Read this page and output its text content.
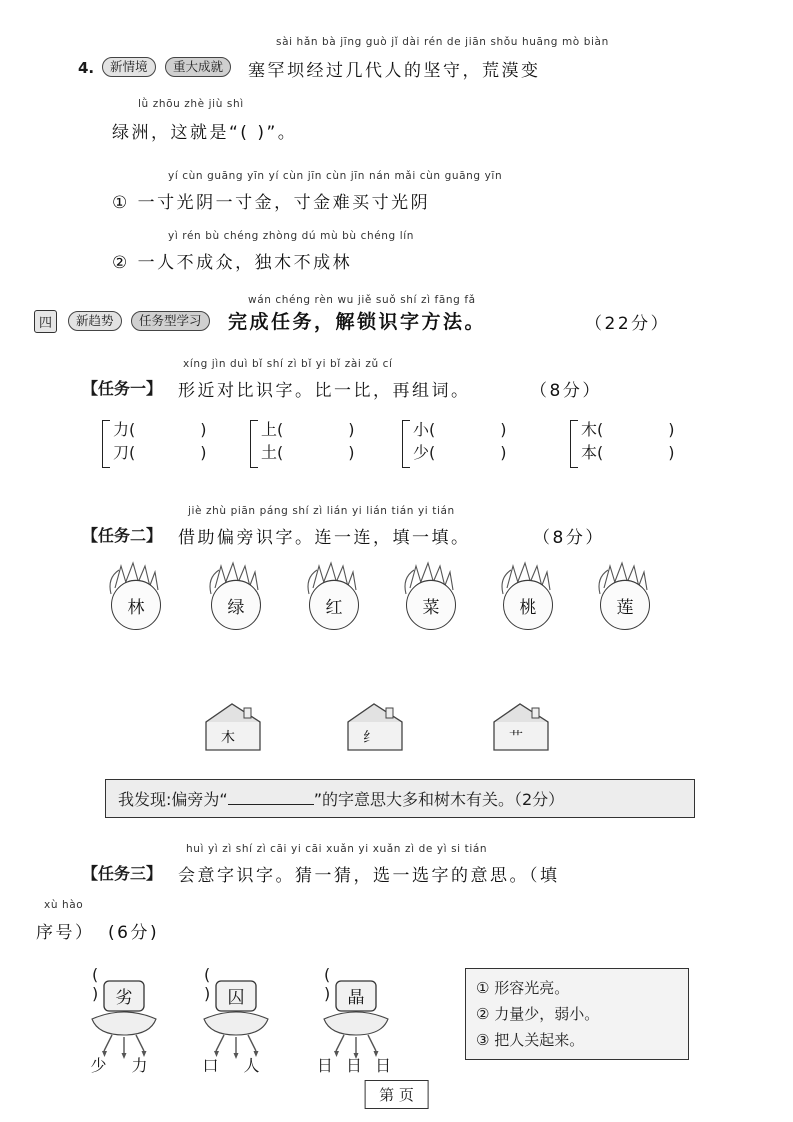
sài hǎn bà jīng guò jǐ dài rén de jiān shǒu huāng mò biàn
4.	新情境	重大成就	塞罕坝经过几代人的坚守，荒漠变
lǜ zhōu zhè jiù shì
绿洲，这就是“( )”。
yí cùn guāng yīn yí cùn jīn cùn jīn nán mǎi cùn guāng yīn
① 一寸光阴一寸金，寸金难买寸光阴
yì rén bù chéng zhòng dú mù bù chéng lín
② 一人不成众，独木不成林
wán chéng rèn wu jiě suǒ shí zì fāng fǎ
四	新趋势	任务型学习	完成任务，解锁识字方法。	（22分）
xíng jìn duì bǐ shí zì bǐ yi bǐ zài zǔ cí
【任务一】 形近对比识字。比一比，再组词。	（8分）
力(	)
刀(	)
上(	)
土(	)
小(	)
少(	)
木(	)
本(	)
jiè zhù piān páng shí zì lián yi lián tián yi tián
【任务二】 借助偏旁识字。连一连，填一填。	（8分）
林	绿	红	菜	桃	莲
木	纟	艹
我发现:偏旁为“	”的字意思大多和树木有关。（2分）
huì yì zì shí zì cāi yi cāi xuǎn yi xuǎn zì de yì si tián
【任务三】 会意字识字。猜一猜，选一选字的意思。（填
xù hào
序号） (6分)
( )
劣
少 力
( )
囚
口 人
( )
晶
日 日 日
① 形容光亮。
② 力量少，弱小。
③ 把人关起来。
第 页
